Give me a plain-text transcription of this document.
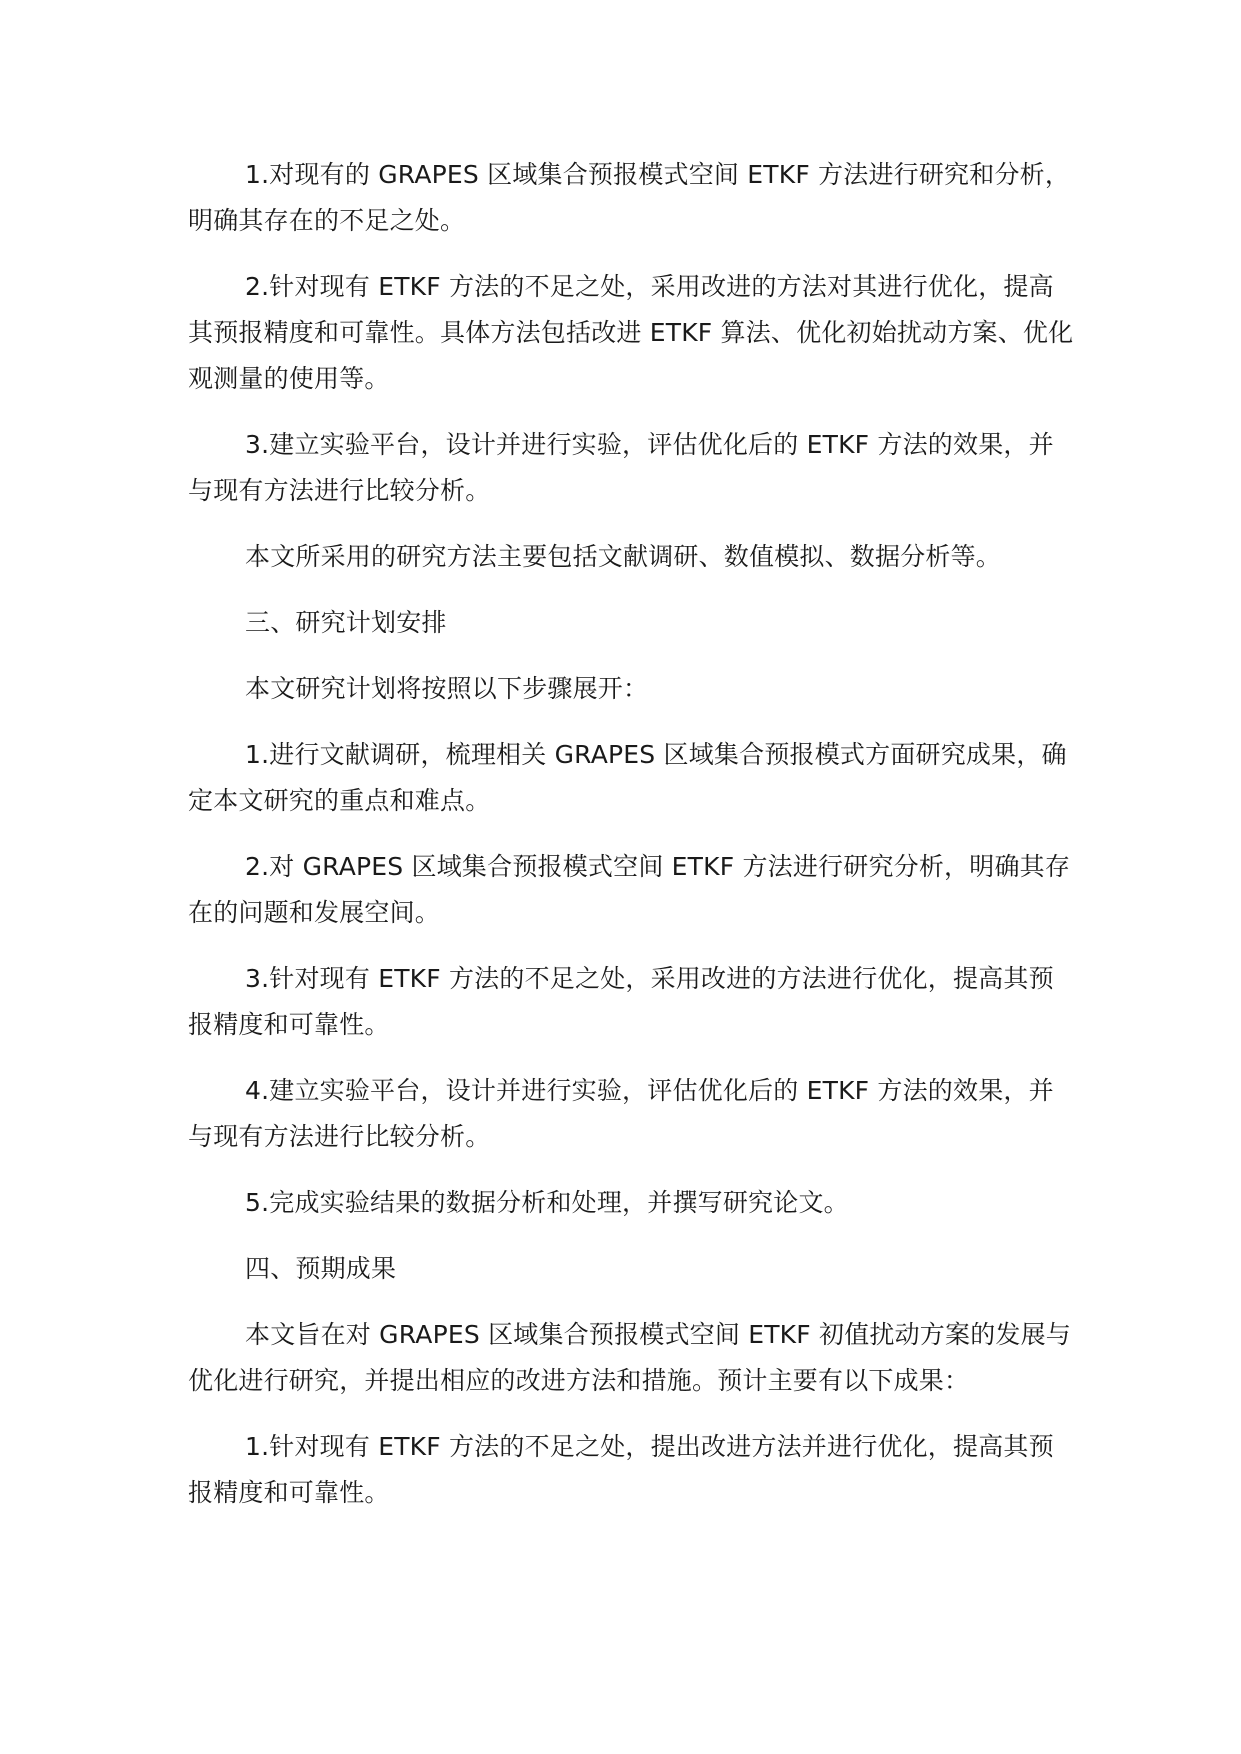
1.对现有的 GRAPES 区域集合预报模式空间 ETKF 方法进行研究和分析，明确其存在的不足之处。

2.针对现有 ETKF 方法的不足之处，采用改进的方法对其进行优化，提高其预报精度和可靠性。具体方法包括改进 ETKF 算法、优化初始扰动方案、优化观测量的使用等。

3.建立实验平台，设计并进行实验，评估优化后的 ETKF 方法的效果，并与现有方法进行比较分析。

本文所采用的研究方法主要包括文献调研、数值模拟、数据分析等。

三、研究计划安排

本文研究计划将按照以下步骤展开：

1.进行文献调研，梳理相关 GRAPES 区域集合预报模式方面研究成果，确定本文研究的重点和难点。

2.对 GRAPES 区域集合预报模式空间 ETKF 方法进行研究分析，明确其存在的问题和发展空间。

3.针对现有 ETKF 方法的不足之处，采用改进的方法进行优化，提高其预报精度和可靠性。

4.建立实验平台，设计并进行实验，评估优化后的 ETKF 方法的效果，并与现有方法进行比较分析。

5.完成实验结果的数据分析和处理，并撰写研究论文。

四、预期成果

本文旨在对 GRAPES 区域集合预报模式空间 ETKF 初值扰动方案的发展与优化进行研究，并提出相应的改进方法和措施。预计主要有以下成果：

1.针对现有 ETKF 方法的不足之处，提出改进方法并进行优化，提高其预报精度和可靠性。
